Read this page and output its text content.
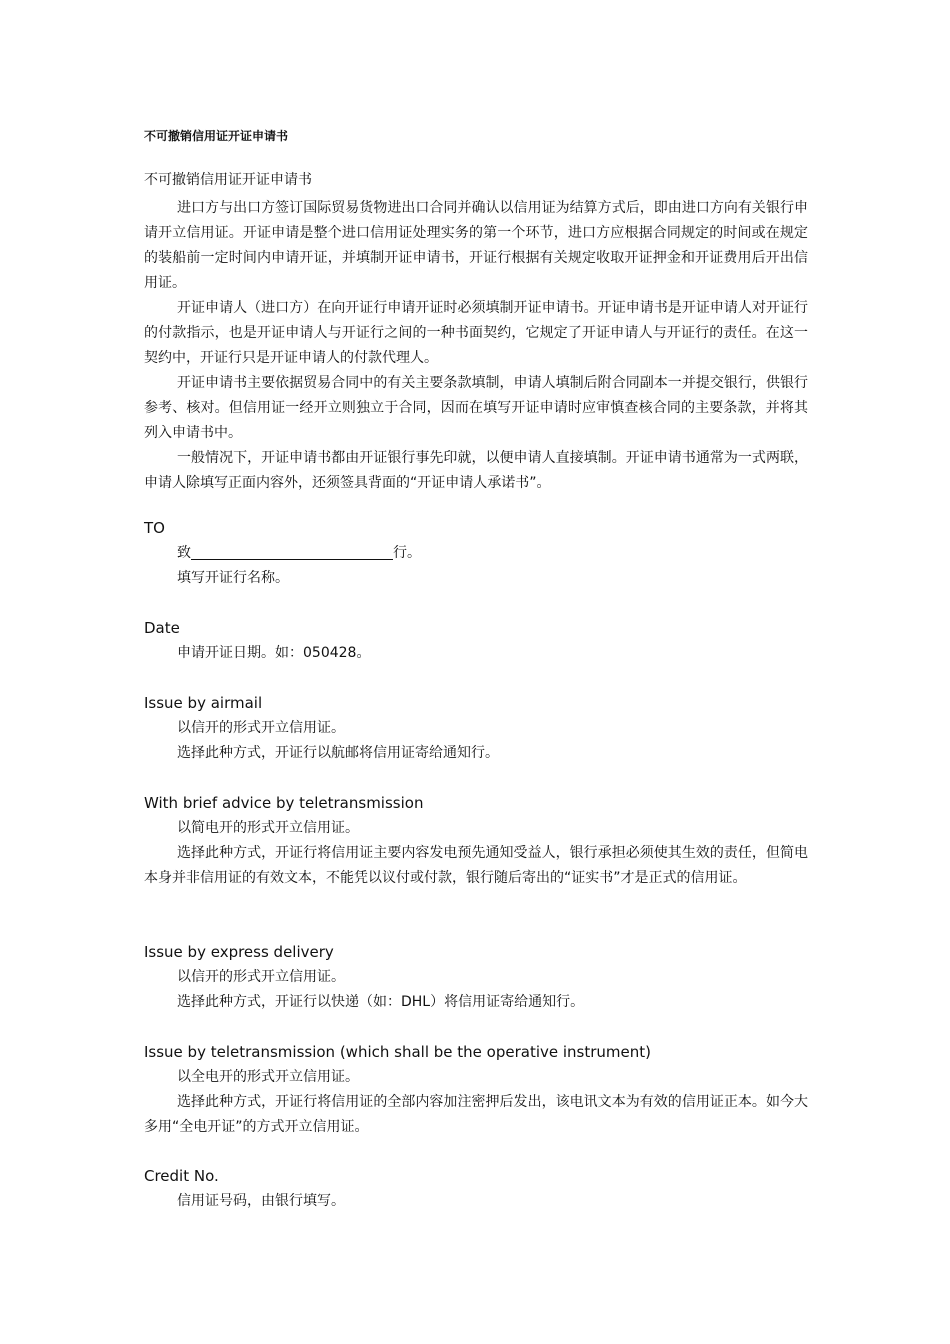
不可撤销信用证开证申请书
不可撤销信用证开证申请书

进口方与出口方签订国际贸易货物进出口合同并确认以信用证为结算方式后，即由进口方向有关银行申请开立信用证。开证申请是整个进口信用证处理实务的第一个环节，进口方应根据合同规定的时间或在规定的装船前一定时间内申请开证，并填制开证申请书，开证行根据有关规定收取开证押金和开证费用后开出信用证。

开证申请人（进口方）在向开证行申请开证时必须填制开证申请书。开证申请书是开证申请人对开证行的付款指示，也是开证申请人与开证行之间的一种书面契约，它规定了开证申请人与开证行的责任。在这一契约中，开证行只是开证申请人的付款代理人。

开证申请书主要依据贸易合同中的有关主要条款填制，申请人填制后附合同副本一并提交银行，供银行参考、核对。但信用证一经开立则独立于合同，因而在填写开证申请时应审慎查核合同的主要条款，并将其列入申请书中。

一般情况下，开证申请书都由开证银行事先印就，以便申请人直接填制。开证申请书通常为一式两联，申请人除填写正面内容外，还须签具背面的“开证申请人承诺书”。

TO

致	行。

填写开证行名称。

Date

申请开证日期。如：050428。

Issue by airmail

以信开的形式开立信用证。

选择此种方式，开证行以航邮将信用证寄给通知行。

With brief advice by teletransmission

以简电开的形式开立信用证。

选择此种方式，开证行将信用证主要内容发电预先通知受益人，银行承担必须使其生效的责任，但简电本身并非信用证的有效文本，不能凭以议付或付款，银行随后寄出的“证实书”才是正式的信用证。

Issue by express delivery

以信开的形式开立信用证。

选择此种方式，开证行以快递（如：DHL）将信用证寄给通知行。

Issue by teletransmission (which shall be the operative instrument)

以全电开的形式开立信用证。

选择此种方式，开证行将信用证的全部内容加注密押后发出，该电讯文本为有效的信用证正本。如今大多用“全电开证”的方式开立信用证。

Credit No.

信用证号码，由银行填写。
